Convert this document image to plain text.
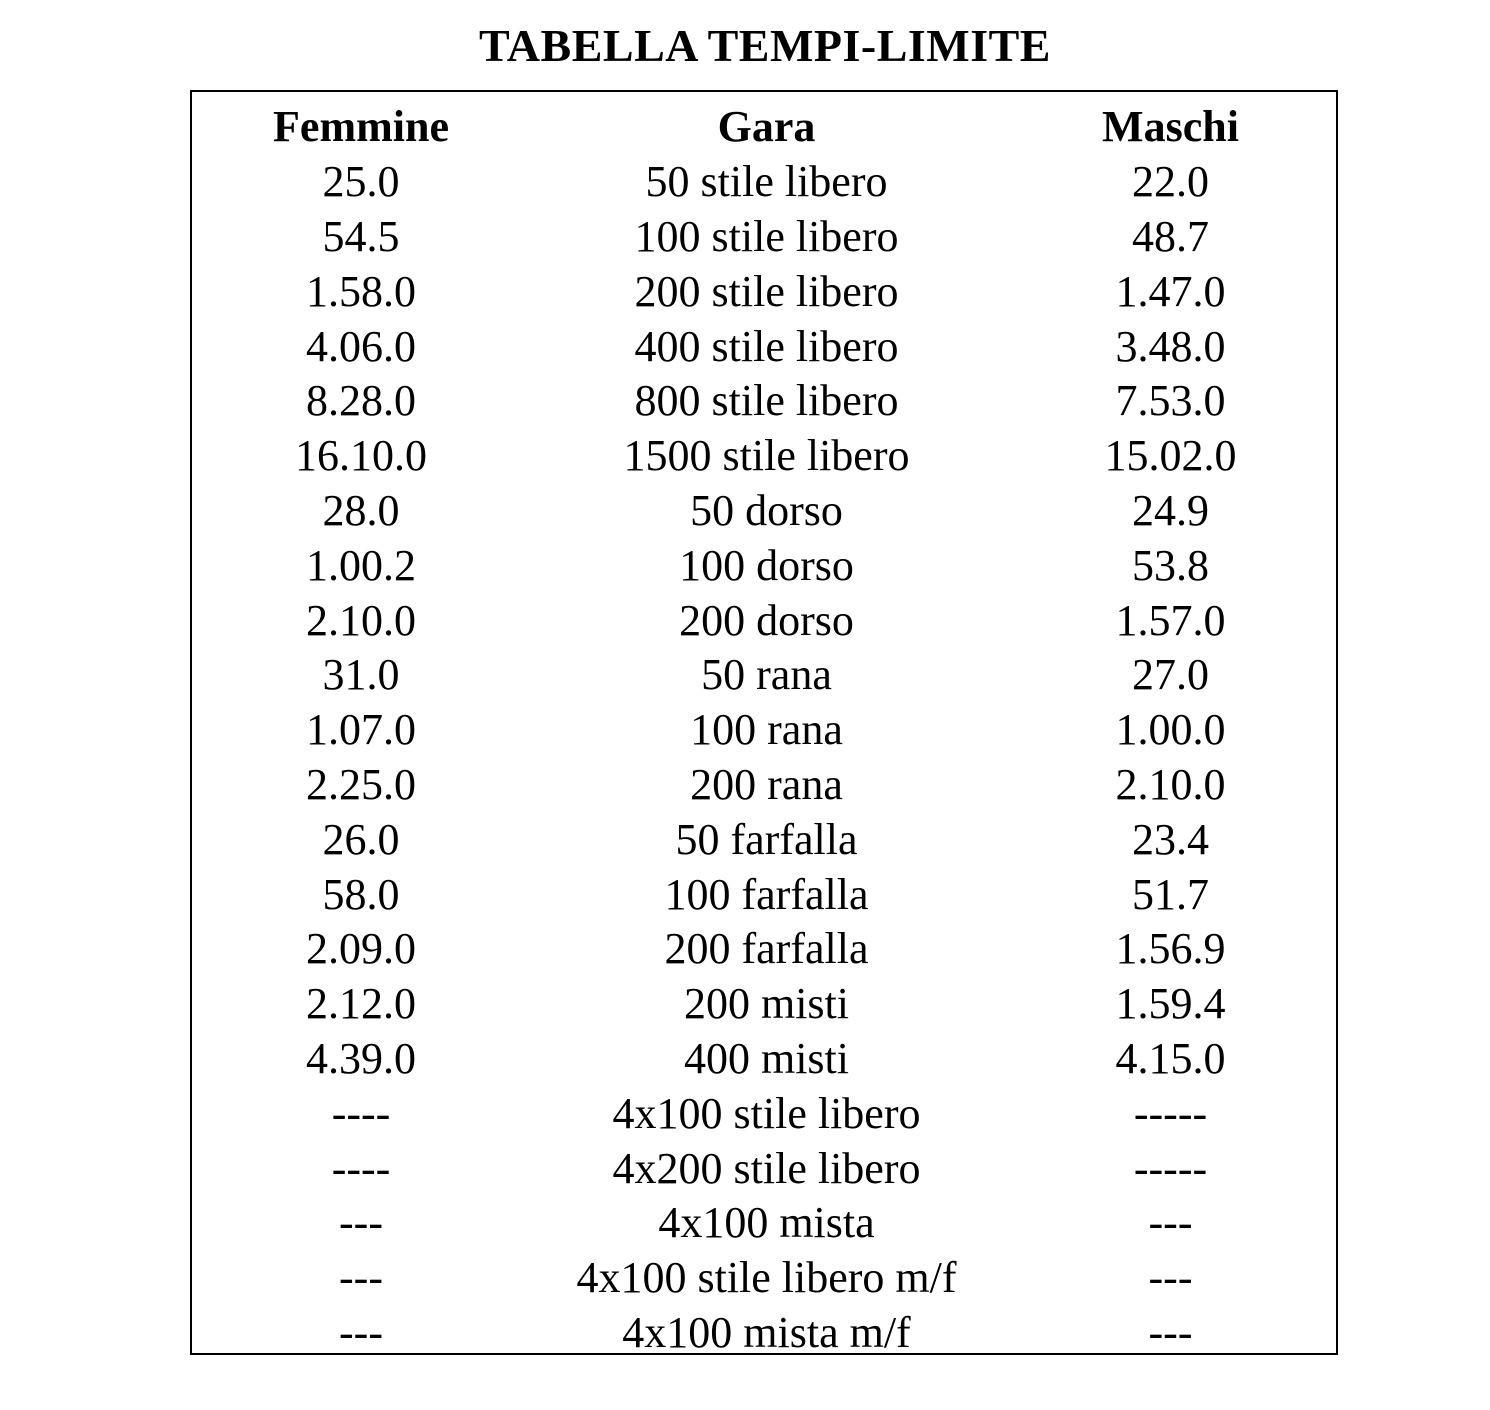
TABELLA TEMPI-LIMITE
Femmine	Gara	Maschi
25.0	50 stile libero	22.0
54.5	100 stile libero	48.7
1.58.0	200 stile libero	1.47.0
4.06.0	400 stile libero	3.48.0
8.28.0	800 stile libero	7.53.0
16.10.0	1500 stile libero	15.02.0
28.0	50 dorso	24.9
1.00.2	100 dorso	53.8
2.10.0	200 dorso	1.57.0
31.0	50 rana	27.0
1.07.0	100 rana	1.00.0
2.25.0	200 rana	2.10.0
26.0	50 farfalla	23.4
58.0	100 farfalla	51.7
2.09.0	200 farfalla	1.56.9
2.12.0	200 misti	1.59.4
4.39.0	400 misti	4.15.0
----	4x100 stile libero	-----
----	4x200 stile libero	-----
---	4x100 mista	---
---	4x100 stile libero m/f	---
---	4x100 mista m/f	---
